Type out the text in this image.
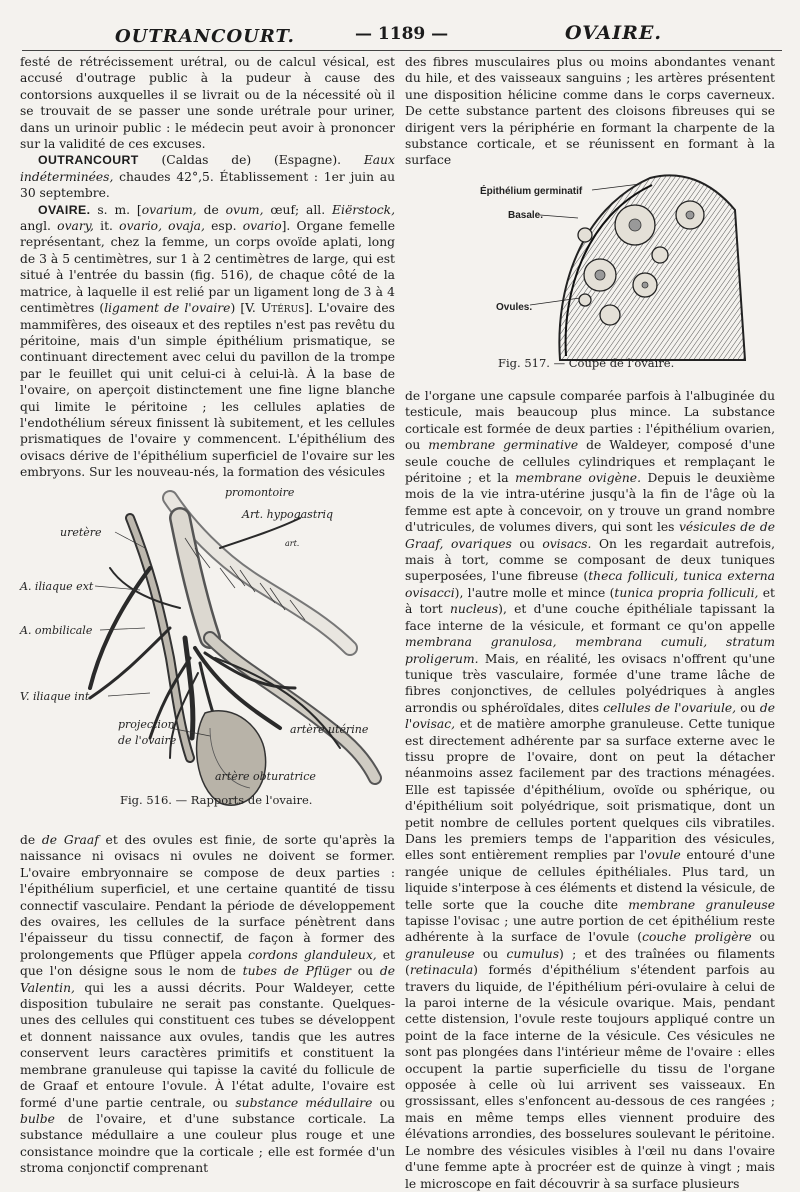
OUTRANCOURT.	— 1189 —	OVAIRE.

festé de rétrécissement urétral, ou de calcul vésical, est accusé d'outrage public à la pudeur à cause des contorsions auxquelles il se livrait ou de la nécessité où il se trouvait de se passer une sonde urétrale pour uriner, dans un urinoir public : le médecin peut avoir à prononcer sur la validité de ces excuses.

OUTRANCOURT (Caldas de) (Espagne). Eaux indéterminées, chaudes 42°,5. Établissement : 1er juin au 30 septembre.

OVAIRE. s. m. [ovarium, de ovum, œuf; all. Eiërstock, angl. ovary, it. ovario, ovaja, esp. ovario]. Organe femelle représentant, chez la femme, un corps ovoïde aplati, long de 3 à 5 centimètres, sur 1 à 2 centimètres de large, qui est situé à l'entrée du bassin (fig. 516), de chaque côté de la matrice, à laquelle il est relié par un ligament long de 3 à 4 centimètres (ligament de l'ovaire) [V. Utérus]. L'ovaire des mammifères, des oiseaux et des reptiles n'est pas revêtu du péritoine, mais d'un simple épithélium prismatique, se continuant directement avec celui du pavillon de la trompe par le feuillet qui unit celui-ci à celui-là. À la base de l'ovaire, on aperçoit distinctement une fine ligne blanche qui limite le péritoine ; les cellules aplaties de l'endothélium séreux finissent là subitement, et les cellules prismatiques de l'ovaire y commencent. L'épithélium des ovisacs dérive de l'épithélium superficiel de l'ovaire sur les embryons. Sur les nouveau-nés, la formation des vésicules

promontoire
Art. hypogastriq
art.
uretère
A. iliaque ext
A. ombilicale
V. iliaque int
projection
de l'ovaire
artère utérine
artère obturatrice
Fig. 516. — Rapports de l'ovaire.

de de Graaf et des ovules est finie, de sorte qu'après la naissance ni ovisacs ni ovules ne doivent se former. L'ovaire embryonnaire se compose de deux parties : l'épithélium superficiel, et une certaine quantité de tissu connectif vasculaire. Pendant la période de développement des ovaires, les cellules de la surface pénètrent dans l'épaisseur du tissu connectif, de façon à former des prolongements que Pflüger appela cordons glanduleux, et que l'on désigne sous le nom de tubes de Pflüger ou de Valentin, qui les a aussi décrits. Pour Waldeyer, cette disposition tubulaire ne serait pas constante. Quelques-unes des cellules qui constituent ces tubes se développent et donnent naissance aux ovules, tandis que les autres conservent leurs caractères primitifs et constituent la membrane granuleuse qui tapisse la cavité du follicule de de Graaf et entoure l'ovule. À l'état adulte, l'ovaire est formé d'une partie centrale, ou substance médullaire ou bulbe de l'ovaire, et d'une substance corticale. La substance médullaire a une couleur plus rouge et une consistance moindre que la corticale ; elle est formée d'un stroma conjonctif comprenant

des fibres musculaires plus ou moins abondantes venant du hile, et des vaisseaux sanguins ; les artères présentent une disposition hélicine comme dans le corps caverneux. De cette substance partent des cloisons fibreuses qui se dirigent vers la périphérie en formant la charpente de la substance corticale, et se réunissent en formant à la surface

Épithélium germinatif
Basale.
Ovules.
Fig. 517. — Coupe de l'ovaire.

de l'organe une capsule comparée parfois à l'albuginée du testicule, mais beaucoup plus mince. La substance corticale est formée de deux parties : l'épithélium ovarien, ou membrane germinative de Waldeyer, composé d'une seule couche de cellules cylindriques et remplaçant le péritoine ; et la membrane ovigène. Depuis le deuxième mois de la vie intra-utérine jusqu'à la fin de l'âge où la femme est apte à concevoir, on y trouve un grand nombre d'utricules, de volumes divers, qui sont les vésicules de de Graaf, ovariques ou ovisacs. On les regardait autrefois, mais à tort, comme se composant de deux tuniques superposées, l'une fibreuse (theca folliculi, tunica externa ovisacci), l'autre molle et mince (tunica propria folliculi, et à tort nucleus), et d'une couche épithéliale tapissant la face interne de la vésicule, et formant ce qu'on appelle membrana granulosa, membrana cumuli, stratum proligerum. Mais, en réalité, les ovisacs n'offrent qu'une tunique très vasculaire, formée d'une trame lâche de fibres conjonctives, de cellules polyédriques à angles arrondis ou sphéroïdales, dites cellules de l'ovariule, ou de l'ovisac, et de matière amorphe granuleuse. Cette tunique est directement adhérente par sa surface externe avec le tissu propre de l'ovaire, dont on peut la détacher néanmoins assez facilement par des tractions ménagées. Elle est tapissée d'épithélium, ovoïde ou sphérique, ou d'épithélium soit polyédrique, soit prismatique, dont un petit nombre de cellules portent quelques cils vibratiles. Dans les premiers temps de l'apparition des vésicules, elles sont entièrement remplies par l'ovule entouré d'une rangée unique de cellules épithéliales. Plus tard, un liquide s'interpose à ces éléments et distend la vésicule, de telle sorte que la couche dite membrane granuleuse tapisse l'ovisac ; une autre portion de cet épithélium reste adhérente à la surface de l'ovule (couche proligère ou granuleuse ou cumulus) ; et des traînées ou filaments (retinacula) formés d'épithélium s'étendent parfois au travers du liquide, de l'épithélium péri-ovulaire à celui de la paroi interne de la vésicule ovarique. Mais, pendant cette distension, l'ovule reste toujours appliqué contre un point de la face interne de la vésicule. Ces vésicules ne sont pas plongées dans l'intérieur même de l'ovaire : elles occupent la partie superficielle du tissu de l'organe opposée à celle où lui arrivent ses vaisseaux. En grossissant, elles s'enfoncent au-dessous de ces rangées ; mais en même temps elles viennent produire des élévations arrondies, des bosselures soulevant le péritoine. Le nombre des vésicules visibles à l'œil nu dans l'ovaire d'une femme apte à procréer est de quinze à vingt ; mais le microscope en fait découvrir à sa surface plusieurs
